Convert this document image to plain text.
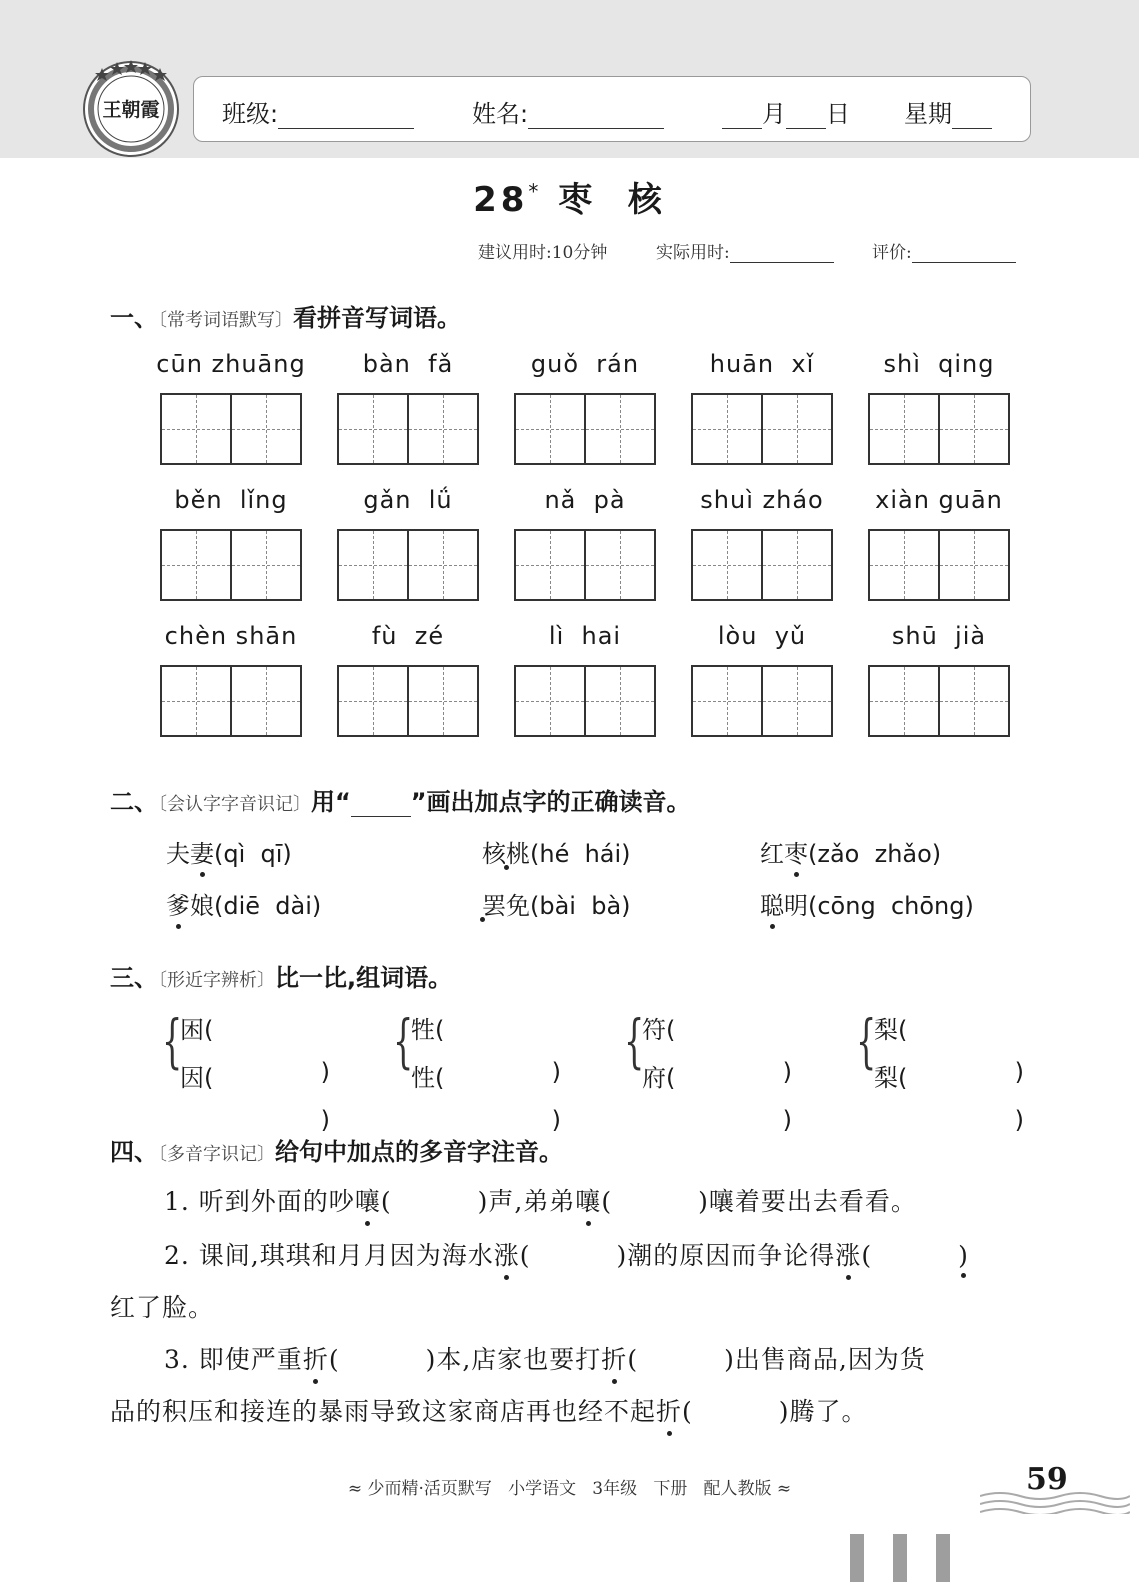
王朝霞	班级:	姓名:	月 日 星期
28* 枣  核
建议用时:10分钟	实际用时:	评价:
一、〔常考词语默写〕看拼音写词语。
cūn zhuāng	bàn  fǎ	guǒ  rán	huān  xǐ	shì  qing
běn  lǐng	gǎn  lǘ	nǎ  pà	shuì zháo	xiàn guān
chèn shān	fù  zé	lì  hai	lòu  yǔ	shū  jià
二、〔会认字字音识记〕用“	”画出加点字的正确读音。
夫妻(qì  qī)	核桃(hé  hái)	红枣(zǎo  zhǎo)
爹娘(diē  dài)	罢免(bài  bà)	聪明(cōng  chōng)
三、〔形近字辨析〕比一比,组词语。
{
困(
)
因(
)
{
牲(
)
性(
)
{
符(
)
府(
)
{
梨(
)
梨(
)
四、〔多音字识记〕给句中加点的多音字注音。
1. 听到外面的吵嚷(	)声,弟弟嚷(	)嚷着要出去看看。
2. 课间,琪琪和月月因为海水涨(	)潮的原因而争论得涨(	)
红了脸。
3. 即使严重折(	)本,店家也要打折(	)出售商品,因为货
品的积压和接连的暴雨导致这家商店再也经不起折(	)腾了。
≈ 少而精·活页默写   小学语文   3年级   下册   配人教版 ≈	59
